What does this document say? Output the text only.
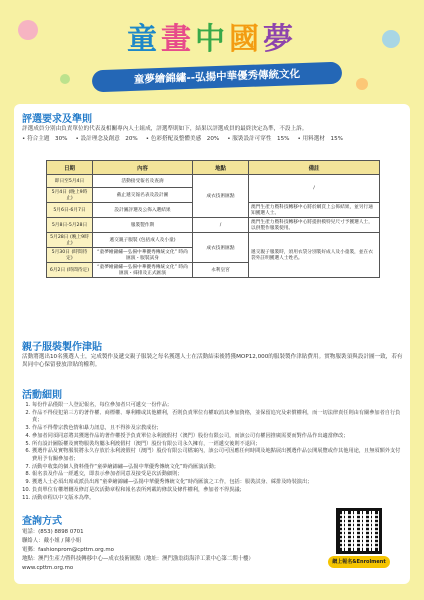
童畫中國夢
童夢繪錦繡--弘揚中華優秀傳統文化
評選要求及準則
評選成員分別由負責單位的代表及相關專內人士組成，評選準則如下，結果以評選成員的最終決定為準，不設上訴。
• 符合主題　30% • 設計理念及創意　20% • 色彩搭配及整體美感　20% • 服裝設計可穿性　15% • 用料選材　15%
日期	內容	地點	備註
即日至5月4日	活動接受報名及查詢	成衣技術匯點	/
5月4日 (晚上9時止)	截止遞交報名表及設計圖		
5月6日-6月7日	設計圖評選及公佈入選結果		澳門生產力暨科技轉移中心將於網頁上公佈結果，並另行通知獲選人士。
5月8日-5月28日	服裝製作期	/	澳門生產力暨科技轉移中心將提供模特兒尺寸予獲選人士，以供製作服裝使用。
5月28日 (晚上9時止)	遞交親子服裝 (包括成人及小童)	成衣技術匯點	遞交親子服裝時，須用衣袋分別裝好成人及小童裝，並在衣袋外註明獲選人士姓名。
5月30日 (時間待定)	“童夢繪錦繡—弘揚中華優秀傳統文化” 時尚匯演・服裝試身		
6月2日 (時間待定)	“童夢繪錦繡—弘揚中華優秀傳統文化” 時尚匯演・綵排及正式匯演	永利皇宮	
親子服裝製作津貼
活動將選出10名獲選人士，完成製作及遞交親子服裝之每名獲選人士在活動結束後將獲MOP12,000的服裝製作津貼費用。實物服裝須與設計圖一致，若有異同中心保留發放津貼的權利。
活動細則
1. 每份作品僅限一人登記報名，每位參加者只可遞交一份作品；
2. 作品不得侵犯第三方的著作權、商標權、專利權或其他權利，否則負責單位有權取消其參加資格，並保留追究及索償權利，而一切法律責任則由有關參加者自行負責；
3. 作品不得帶宗教色情和暴力訊息，且不得涉及宗教成份；
4. 參加者同須同意將其獲選作品的著作權授予負責單位永利渡假村（澳門）股份有限公司，而該公司有權因推廣需要而對作品作出適當修改；
5. 所有設計圖版權及實物服裝均屬永利渡假村（澳門）股份有限公司永久擁有，一經遞交後則不退回；
6. 獲選作品及實物服裝將永久存放於永利渡假村（澳門）股份有限公司檔案內，該公司可因應任何時間及地點展出獲選作品公開展覽或作其他用途，且無須額外支付費用予有關參加者；
7. 活動中收集的個人資料僅作“童夢繪錦繡—弘揚中華優秀傳統文化”時尚匯演活動；
8. 報名表及作品一經遞交，即表示參加者同意及接受是次活動細則；
9. 獲選人士必須出席或派員出席“童夢繪錦繡—弘揚中華優秀傳統文化”時尚匯演之工作，包括：服裝試身、綵排及時裝演出；
10. 負責單位有權增刪及修訂是次活動章程和報名表所列載的條款及條件權利，參加者不得異議；
11. 活動章程以中文版本為準。
查詢方式
電話：(853) 8898 0701
聯絡人：戴小姐 / 陳小姐
電郵：fashionprom@cpttm.org.mo
地點：澳門生產力暨科技轉移中心—成衣技術匯點（地址：澳門漁翁街海洋工業中心第二期十樓）
www.cpttm.org.mo
網上報名&Enrolment
